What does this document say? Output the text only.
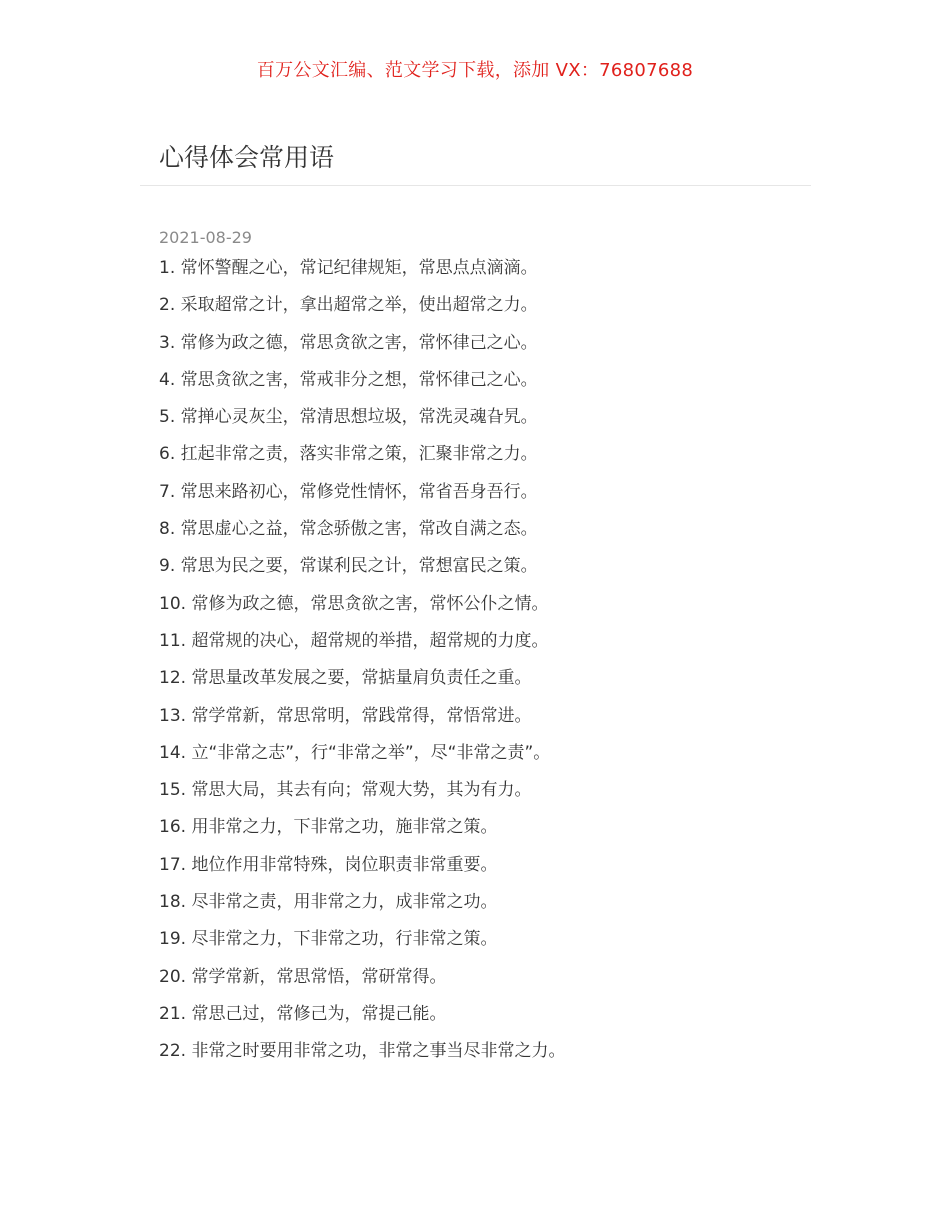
百万公文汇编、范文学习下载，添加 VX：76807688
心得体会常用语
2021-08-29
1. 常怀警醒之心，常记纪律规矩，常思点点滴滴。
2. 采取超常之计，拿出超常之举，使出超常之力。
3. 常修为政之德，常思贪欲之害，常怀律己之心。
4. 常思贪欲之害，常戒非分之想，常怀律己之心。
5. 常掸心灵灰尘，常清思想垃圾，常洗灵魂旮旯。
6. 扛起非常之责，落实非常之策，汇聚非常之力。
7. 常思来路初心，常修党性情怀，常省吾身吾行。
8. 常思虚心之益，常念骄傲之害，常改自满之态。
9. 常思为民之要，常谋利民之计，常想富民之策。
10. 常修为政之德，常思贪欲之害，常怀公仆之情。
11. 超常规的决心，超常规的举措，超常规的力度。
12. 常思量改革发展之要，常掂量肩负责任之重。
13. 常学常新，常思常明，常践常得，常悟常进。
14. 立“非常之志”，行“非常之举”，尽“非常之责”。
15. 常思大局，其去有向；常观大势，其为有力。
16. 用非常之力，下非常之功，施非常之策。
17. 地位作用非常特殊，岗位职责非常重要。
18. 尽非常之责，用非常之力，成非常之功。
19. 尽非常之力，下非常之功，行非常之策。
20. 常学常新，常思常悟，常研常得。
21. 常思己过，常修己为，常提己能。
22. 非常之时要用非常之功，非常之事当尽非常之力。
